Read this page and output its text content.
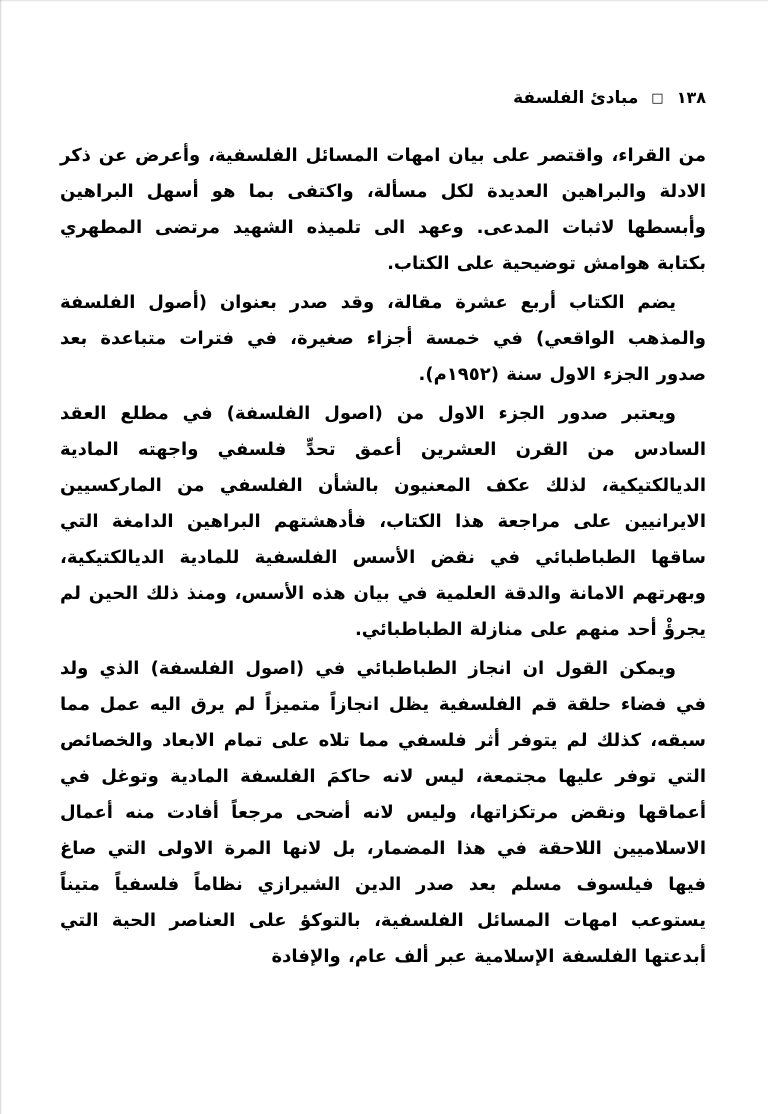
١٣٨ □ مبادئ الفلسفة

من القراء، واقتصر على بيان امهات المسائل الفلسفية، وأعرض عن ذكر الادلة والبراهين العديدة لكل مسألة، واكتفى بما هو أسهل البراهين وأبسطها لاثبات المدعى. وعهد الى تلميذه الشهيد مرتضى المطهري بكتابة هوامش توضيحية على الكتاب.

يضم الكتاب أربع عشرة مقالة، وقد صدر بعنوان (أصول الفلسفة والمذهب الواقعي) في خمسة أجزاء صغيرة، في فترات متباعدة بعد صدور الجزء الاول سنة (١٩٥٢م).

ويعتبر صدور الجزء الاول من (اصول الفلسفة) في مطلع العقد السادس من القرن العشرين أعمق تحدٍّ فلسفي واجهته المادية الديالكتيكية، لذلك عكف المعنيون بالشأن الفلسفي من الماركسيين الايرانيين على مراجعة هذا الكتاب، فأدهشتهم البراهين الدامغة التي ساقها الطباطبائي في نقض الأسس الفلسفية للمادية الديالكتيكية، وبهرتهم الامانة والدقة العلمية في بيان هذه الأسس، ومنذ ذلك الحين لم يجرؤْ أحد منهم على منازلة الطباطبائي.

ويمكن القول ان انجاز الطباطبائي في (اصول الفلسفة) الذي ولد في فضاء حلقة قم الفلسفية يظل انجازاً متميزاً لم يرق اليه عمل مما سبقه، كذلك لم يتوفر أثر فلسفي مما تلاه على تمام الابعاد والخصائص التي توفر عليها مجتمعة، ليس لانه حاكمَ الفلسفة المادية وتوغل في أعماقها ونقض مرتكزاتها، وليس لانه أضحى مرجعاً أفادت منه أعمال الاسلاميين اللاحقة في هذا المضمار، بل لانها المرة الاولى التي صاغ فيها فيلسوف مسلم بعد صدر الدين الشيرازي نظاماً فلسفياً متيناً يستوعب امهات المسائل الفلسفية، بالتوكؤ على العناصر الحية التي أبدعتها الفلسفة الإسلامية عبر ألف عام، والإفادة
